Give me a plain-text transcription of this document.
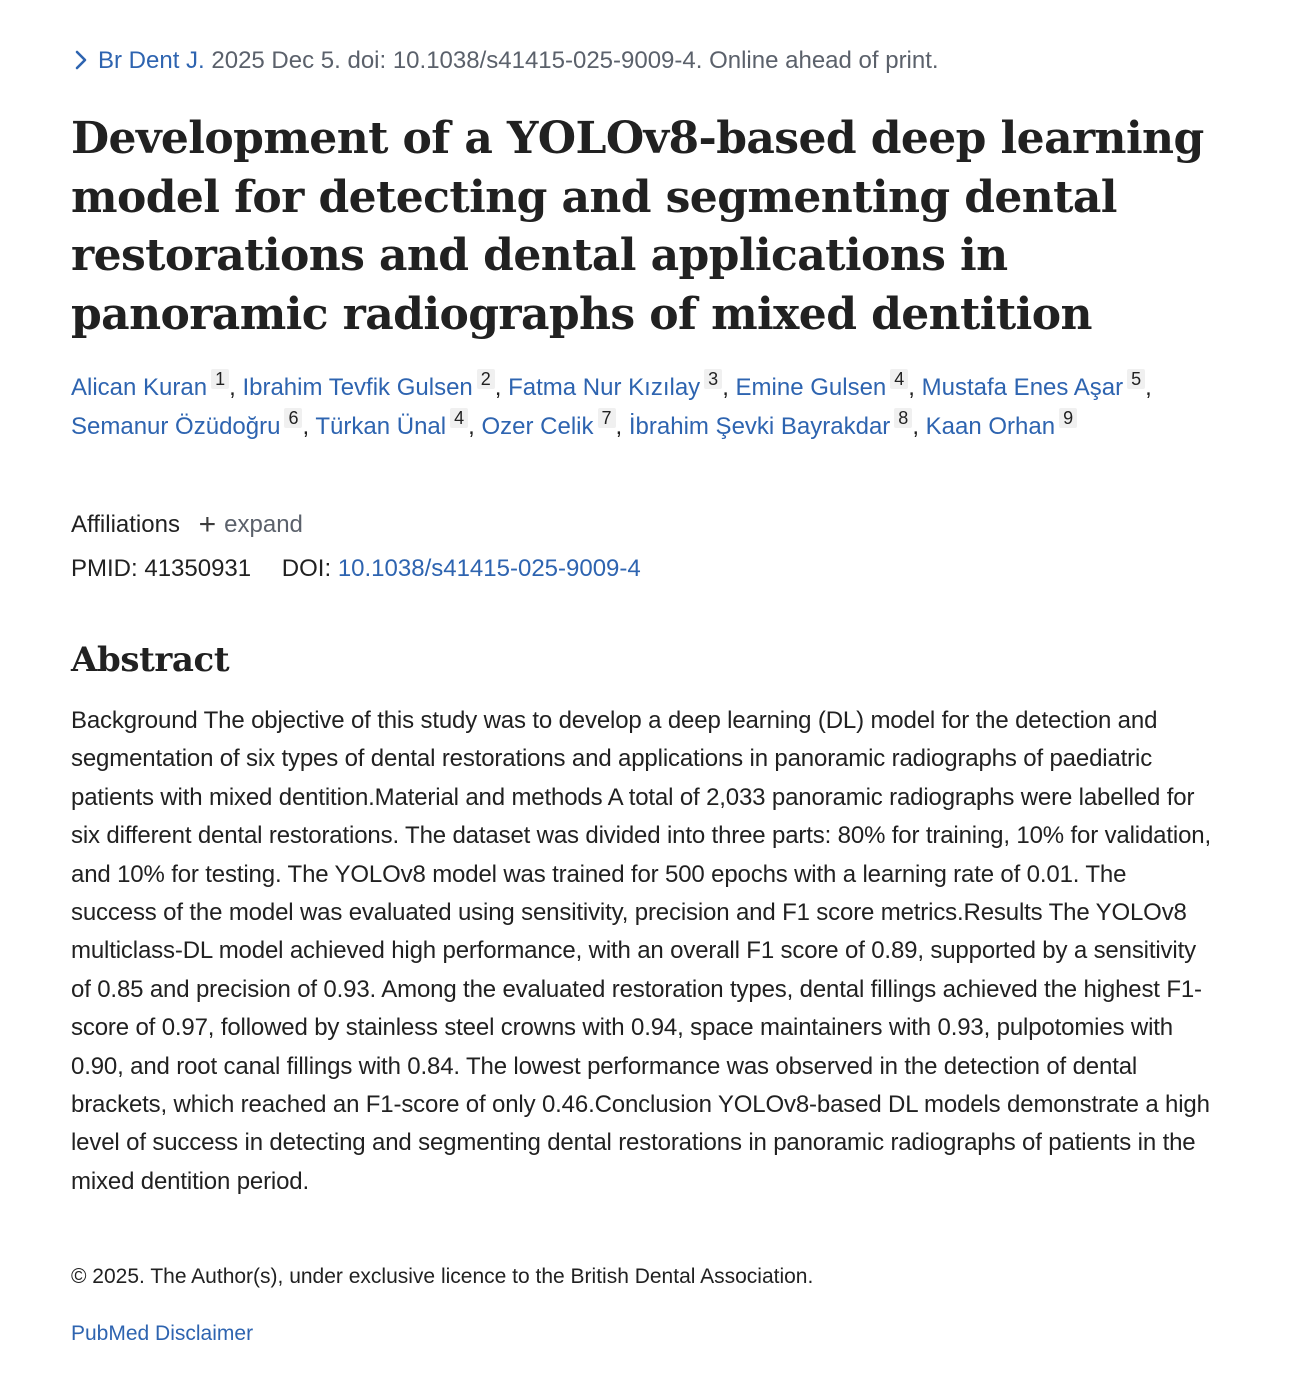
Br Dent J. 2025 Dec 5. doi: 10.1038/s41415-025-9009-4. Online ahead of print.
Development of a YOLOv8-based deep learning model for detecting and segmenting dental restorations and dental applications in panoramic radiographs of mixed dentition
Alican Kuran $^1$ , Ibrahim Tevfik Gulsen $^2$ , Fatma Nur Kızılay $^3$ , Emine Gulsen $^4$ , Mustafa Enes Aşar $^5$ , Semanur Özüdoğru $^6$ , Türkan Ünal $^4$ , Ozer Celik $^7$ , İbrahim Şevki Bayrakdar $^8$ , Kaan Orhan $^9$
Affiliations + expand
PMID: 41350931 DOI: 10.1038/s41415-025-9009-4
Abstract

Background The objective of this study was to develop a deep learning (DL) model for the detection and segmentation of six types of dental restorations and applications in panoramic radiographs of paediatric patients with mixed dentition.Material and methods A total of 2,033 panoramic radiographs were labelled for six different dental restorations. The dataset was divided into three parts: 80% for training, 10% for validation, and 10% for testing. The YOLOv8 model was trained for 500 epochs with a learning rate of 0.01. The success of the model was evaluated using sensitivity, precision and F1 score metrics.Results The YOLOv8 multiclass-DL model achieved high performance, with an overall F1 score of 0.89, supported by a sensitivity of 0.85 and precision of 0.93. Among the evaluated restoration types, dental fillings achieved the highest F1-score of 0.97, followed by stainless steel crowns with 0.94, space maintainers with 0.93, pulpotomies with 0.90, and root canal fillings with 0.84. The lowest performance was observed in the detection of dental brackets, which reached an F1-score of only 0.46.Conclusion YOLOv8-based DL models demonstrate a high level of success in detecting and segmenting dental restorations in panoramic radiographs of patients in the mixed dentition period.

© 2025. The Author(s), under exclusive licence to the British Dental Association.
PubMed Disclaimer
